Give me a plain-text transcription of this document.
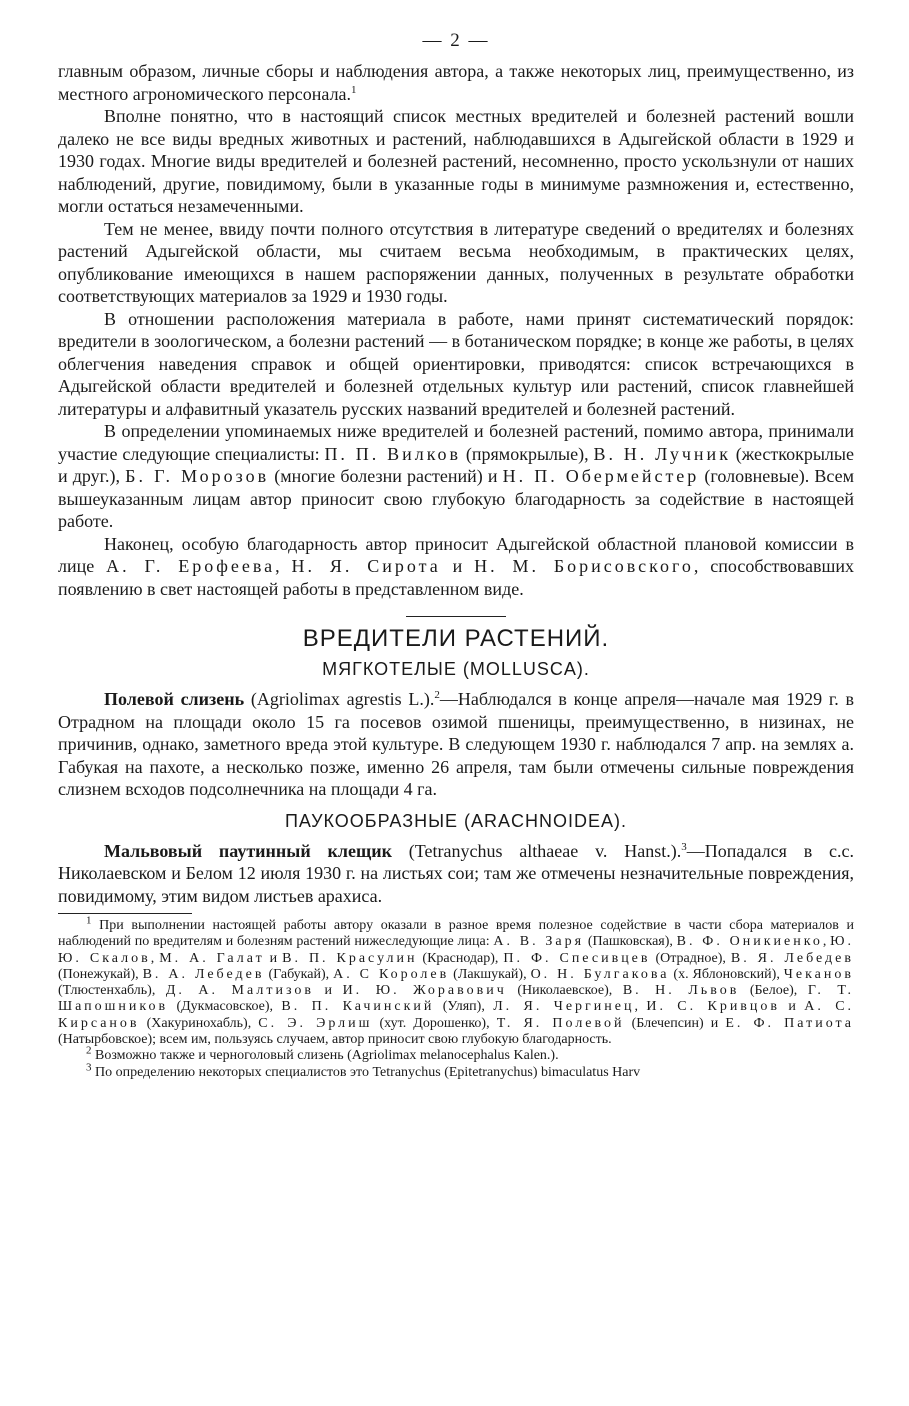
— 2 —

главным образом, личные сборы и наблюдения автора, а также некоторых лиц, преимущественно, из местного агрономического персонала.$^1$

Вполне понятно, что в настоящий список местных вредителей и болезней растений вошли далеко не все виды вредных животных и растений, наблюдавшихся в Адыгейской области в 1929 и 1930 годах. Многие виды вредителей и болезней растений, несомненно, просто ускользнули от наших наблюдений, другие, повидимому, были в указанные годы в минимуме размножения и, естественно, могли остаться незамеченными.

Тем не менее, ввиду почти полного отсутствия в литературе сведений о вредителях и болезнях растений Адыгейской области, мы считаем весьма необходимым, в практических целях, опубликование имеющихся в нашем распоряжении данных, полученных в результате обработки соответствующих материалов за 1929 и 1930 годы.

В отношении расположения материала в работе, нами принят систематический порядок: вредители в зоологическом, а болезни растений — в ботаническом порядке; в конце же работы, в целях облегчения наведения справок и общей ориентировки, приводятся: список встречающихся в Адыгейской области вредителей и болезней отдельных культур или растений, список главнейшей литературы и алфавитный указатель русских названий вредителей и болезней растений.

В определении упоминаемых ниже вредителей и болезней растений, помимо автора, принимали участие следующие специалисты: П. П. Вилков (прямокрылые), В. Н. Лучник (жесткокрылые и друг.), Б. Г. Морозов (многие болезни растений) и Н. П. Обермейстер (головневые). Всем вышеуказанным лицам автор приносит свою глубокую благодарность за содействие в настоящей работе.

Наконец, особую благодарность автор приносит Адыгейской областной плановой комиссии в лице А. Г. Ерофеева, Н. Я. Сирота и Н. М. Борисовского, способствовавших появлению в свет настоящей работы в представленном виде.

ВРЕДИТЕЛИ РАСТЕНИЙ.
МЯГКОТЕЛЫЕ (MOLLUSCA).

Полевой слизень (Agriolimax agrestis L.).$^2$—Наблюдался в конце апреля—начале мая 1929 г. в Отрадном на площади около 15 га посевов озимой пшеницы, преимущественно, в низинах, не причинив, однако, заметного вреда этой культуре. В следующем 1930 г. наблюдался 7 апр. на землях а. Габукая на пахоте, а несколько позже, именно 26 апреля, там были отмечены сильные повреждения слизнем всходов подсолнечника на площади 4 га.

ПАУКООБРАЗНЫЕ (ARACHNOIDEA).

Мальвовый паутинный клещик (Tetranychus althaeae v. Hanst.).$^3$—Попадался в с.с. Николаевском и Белом 12 июля 1930 г. на листьях сои; там же отмечены незначительные повреждения, повидимому, этим видом листьев арахиса.

$^1$ При выполнении настоящей работы автору оказали в разное время полезное содействие в части сбора материалов и наблюдений по вредителям и болезням растений нижеследующие лица: А. В. Заря (Пашковская), В. Ф. Оникиенко, Ю. Ю. Скалов, М. А. Галат и В. П. Красулин (Краснодар), П. Ф. Спесивцев (Отрадное), В. Я. Лебедев (Понежукай), В. А. Лебедев (Габукай), А. С Королев (Лакшукай), О. Н. Булгакова (х. Яблоновский), Чеканов (Тлюстенхабль), Д. А. Малтизов и И. Ю. Жоравович (Николаевское), В. Н. Львов (Белое), Г. Т. Шапошников (Дукмасовское), В. П. Качинский (Уляп), Л. Я. Чергинец, И. С. Кривцов и А. С. Кирсанов (Хакуринохабль), С. Э. Эрлиш (хут. Дорошенко), Т. Я. Полевой (Блечепсин) и Е. Ф. Патиота (Натырбовское); всем им, пользуясь случаем, автор приносит свою глубокую благодарность.

$^2$ Возможно также и черноголовый слизень (Agriolimax melanocephalus Kalen.).

$^3$ По определению некоторых специалистов это Tetranychus (Epitetranychus) bimaculatus Harv
